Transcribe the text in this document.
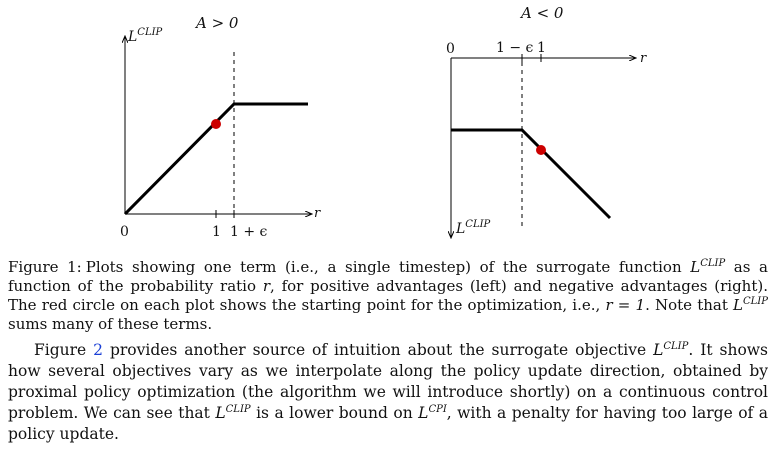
A > 0
$L^{CLIP}$
r
0	1 1 + ϵ
A < 0
r
$L^{CLIP}$
0	1 − ϵ 1
Figure 1: Plots showing one term (i.e., a single timestep) of the surrogate function $L^{CLIP}$ as a function of the probability ratio r, for positive advantages (left) and negative advantages (right). The red circle on each plot shows the starting point for the optimization, i.e., r = 1. Note that $L^{CLIP}$ sums many of these terms.
Figure 2 provides another source of intuition about the surrogate objective $L^{CLIP}$. It shows how several objectives vary as we interpolate along the policy update direction, obtained by proximal policy optimization (the algorithm we will introduce shortly) on a continuous control problem. We can see that $L^{CLIP}$ is a lower bound on $L^{CPI}$, with a penalty for having too large of a policy update.
